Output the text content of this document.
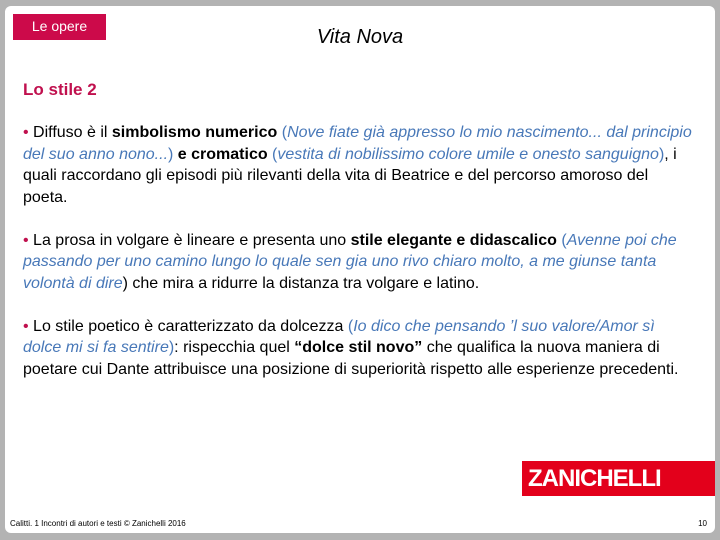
Le opere	Vita Nova
Lo stile 2

• Diffuso è il simbolismo numerico (Nove fiate già appresso lo mio nascimento... dal principio del suo anno nono...) e cromatico (vestita di nobilissimo colore umile e onesto sanguigno), i quali raccordano gli episodi più rilevanti della vita di Beatrice e del percorso amoroso del poeta.

• La prosa in volgare è lineare e presenta uno stile elegante e didascalico (Avenne poi che passando per uno camino lungo lo quale sen gia uno rivo chiaro molto, a me giunse tanta volontà di dire) che mira a ridurre la distanza tra volgare e latino.

• Lo stile poetico è caratterizzato da dolcezza (Io dico che pensando ’l suo valore/Amor sì dolce mi si fa sentire): rispecchia quel “dolce stil novo” che qualifica la nuova maniera di poetare cui Dante attribuisce una posizione di superiorità rispetto alle esperienze precedenti.

ZANICHELLI
Calitti. 1 Incontri di autori e testi © Zanichelli 2016	10
